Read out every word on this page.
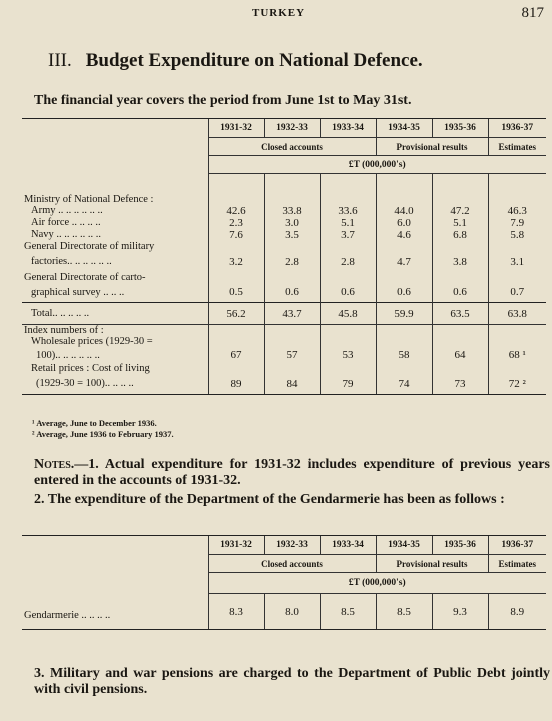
TURKEY	817
III. Budget Expenditure on National Defence.
The financial year covers the period from June 1st to May 31st.
	1931-32	1932-33	1933-34	1934-35	1935-36	1936-37
	Closed accounts			Provisional results		Estimates
	£T (000,000's)					

Ministry of National Defence :						
Army .. .. .. .. .. ..	42.6	33.8	33.6	44.0	47.2	46.3
Air force .. .. .. ..	2.3	3.0	5.1	6.0	5.1	7.9
Navy .. .. .. .. .. ..	7.6	3.5	3.7	4.6	6.8	5.8
General Directorate of military						
factories.. .. .. .. .. ..	3.2	2.8	2.8	4.7	3.8	3.1
General Directorate of carto-						
graphical survey .. .. ..	0.5	0.6	0.6	0.6	0.6	0.7
Total.. .. .. .. ..	56.2	43.7	45.8	59.9	63.5	63.8
Index numbers of :						
Wholesale prices (1929-30 =						
100).. .. .. .. .. ..	67	57	53	58	64	68 ¹
Retail prices : Cost of living						
(1929-30 = 100).. .. .. ..	89	84	79	74	73	72 ²
¹ Average, June to December 1936.
² Average, June 1936 to February 1937.

Notes.—1. Actual expenditure for 1931-32 includes expenditure of previous years entered in the accounts of 1931-32.

2. The expenditure of the Department of the Gendarmerie has been as follows :

	1931-32	1932-33	1933-34	1934-35	1935-36	1936-37
	Closed accounts			Provisional results		Estimates
	£T (000,000's)					
Gendarmerie .. .. .. ..	8.3	8.0	8.5	8.5	9.3	8.9
3. Military and war pensions are charged to the Department of Public Debt jointly with civil pensions.
